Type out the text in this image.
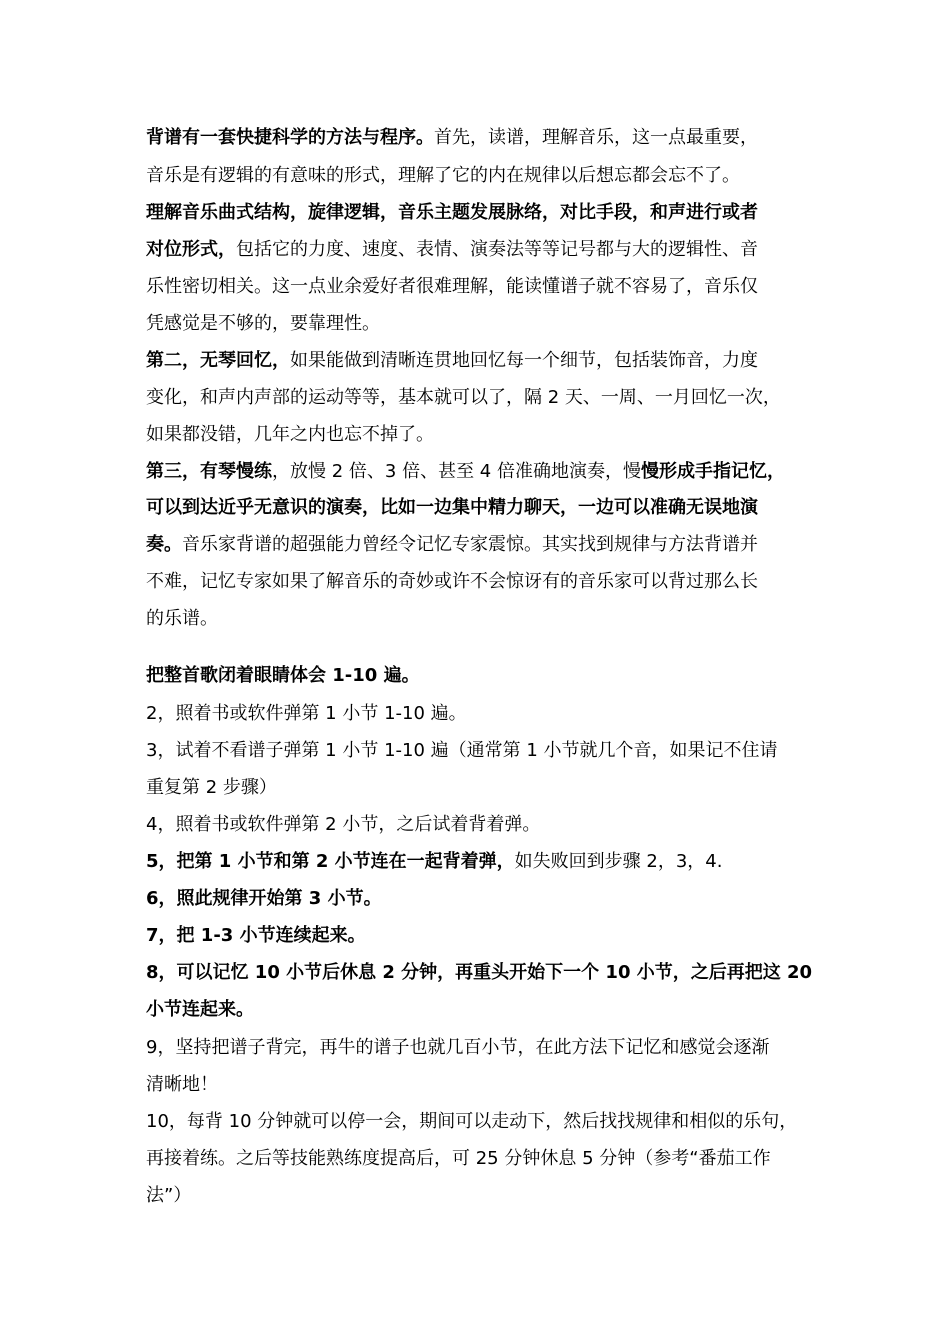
背谱有一套快捷科学的方法与程序。首先，读谱，理解音乐，这一点最重要，
音乐是有逻辑的有意味的形式，理解了它的内在规律以后想忘都会忘不了。
理解音乐曲式结构，旋律逻辑，音乐主题发展脉络，对比手段，和声进行或者
对位形式，包括它的力度、速度、表情、演奏法等等记号都与大的逻辑性、音
乐性密切相关。这一点业余爱好者很难理解，能读懂谱子就不容易了，音乐仅
凭感觉是不够的，要靠理性。
第二，无琴回忆，如果能做到清晰连贯地回忆每一个细节，包括装饰音，力度
变化，和声内声部的运动等等，基本就可以了，隔 2 天、一周、一月回忆一次，
如果都没错，几年之内也忘不掉了。
第三，有琴慢练，放慢 2 倍、3 倍、甚至 4 倍准确地演奏，慢慢形成手指记忆，
可以到达近乎无意识的演奏，比如一边集中精力聊天，一边可以准确无误地演
奏。音乐家背谱的超强能力曾经令记忆专家震惊。其实找到规律与方法背谱并
不难，记忆专家如果了解音乐的奇妙或许不会惊讶有的音乐家可以背过那么长
的乐谱。
把整首歌闭着眼睛体会 1-10 遍。
2，照着书或软件弹第 1 小节 1-10 遍。
3，试着不看谱子弹第 1 小节 1-10 遍（通常第 1 小节就几个音，如果记不住请
重复第 2 步骤）
4，照着书或软件弹第 2 小节，之后试着背着弹。
5，把第 1 小节和第 2 小节连在一起背着弹，如失败回到步骤 2，3，4.
6，照此规律开始第 3 小节。
7，把 1-3 小节连续起来。
8，可以记忆 10 小节后休息 2 分钟，再重头开始下一个 10 小节，之后再把这 20
小节连起来。
9，坚持把谱子背完，再牛的谱子也就几百小节，在此方法下记忆和感觉会逐渐
清晰地！
10，每背 10 分钟就可以停一会，期间可以走动下，然后找找规律和相似的乐句，
再接着练。之后等技能熟练度提高后，可 25 分钟休息 5 分钟（参考“番茄工作
法”）
